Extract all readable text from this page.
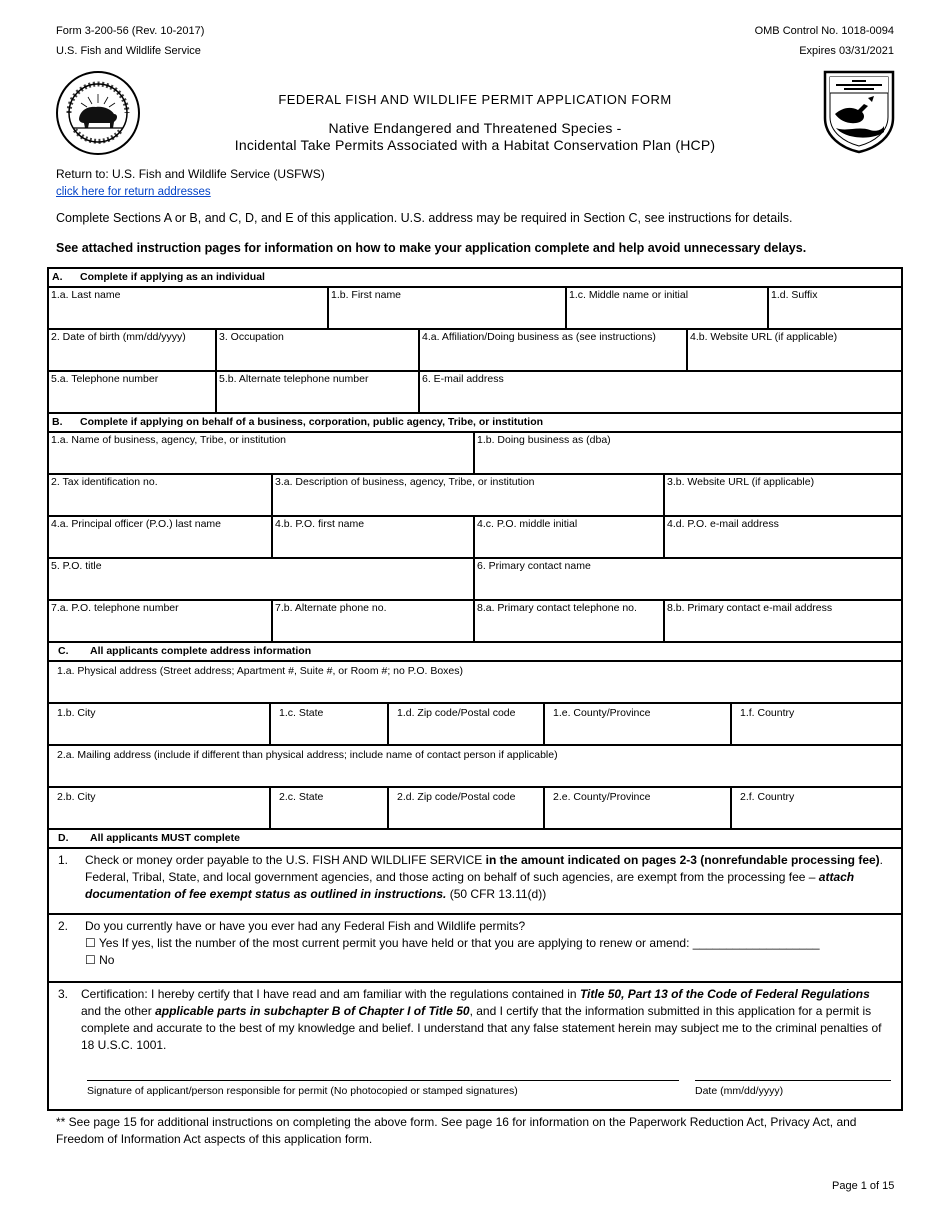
Form 3-200-56 (Rev. 10-2017)
U.S. Fish and Wildlife Service
OMB Control No. 1018-0094
Expires 03/31/2021
FEDERAL FISH AND WILDLIFE PERMIT APPLICATION FORM
Native Endangered and Threatened Species -
Incidental Take Permits Associated with a Habitat Conservation Plan (HCP)
Return to: U.S. Fish and Wildlife Service (USFWS)
click here for return addresses
Complete Sections A or B, and C, D, and E of this application. U.S. address may be required in Section C, see instructions for details.
See attached instruction pages for information on how to make your application complete and help avoid unnecessary delays.
A.	Complete if applying as an individual
1.a. Last name	1.b. First name	1.c. Middle name or initial	1.d. Suffix
2. Date of birth (mm/dd/yyyy)	3. Occupation	4.a. Affiliation/Doing business as (see instructions)	4.b. Website URL (if applicable)
5.a. Telephone number	5.b. Alternate telephone number	6. E-mail address
B.	Complete if applying on behalf of a business, corporation, public agency, Tribe, or institution
1.a. Name of business, agency, Tribe, or institution	1.b. Doing business as (dba)
2. Tax identification no.	3.a. Description of business, agency, Tribe, or institution	3.b. Website URL (if applicable)
4.a. Principal officer (P.O.) last name	4.b. P.O. first name	4.c. P.O. middle initial	4.d. P.O. e-mail address
5. P.O. title	6. Primary contact name
7.a. P.O. telephone number	7.b. Alternate phone no.	8.a. Primary contact telephone no.	8.b. Primary contact e-mail address
C.	All applicants complete address information
1.a. Physical address (Street address; Apartment #, Suite #, or Room #; no P.O. Boxes)
1.b. City	1.c. State	1.d. Zip code/Postal code	1.e. County/Province	1.f. Country
2.a. Mailing address (include if different than physical address; include name of contact person if applicable)
2.b. City	2.c. State	2.d. Zip code/Postal code	2.e. County/Province	2.f. Country
D.	All applicants MUST complete
1.	Check or money order payable to the U.S. FISH AND WILDLIFE SERVICE in the amount indicated on pages 2-3 (nonrefundable processing fee). Federal, Tribal, State, and local government agencies, and those acting on behalf of such agencies, are exempt from the processing fee – attach documentation of fee exempt status as outlined in instructions. (50 CFR 13.11(d))
2.	Do you currently have or have you ever had any Federal Fish and Wildlife permits?
☐ Yes If yes, list the number of the most current permit you have held or that you are applying to renew or amend: ___________________
☐ No
3.	Certification: I hereby certify that I have read and am familiar with the regulations contained in Title 50, Part 13 of the Code of Federal Regulations and the other applicable parts in subchapter B of Chapter I of Title 50, and I certify that the information submitted in this application for a permit is complete and accurate to the best of my knowledge and belief. I understand that any false statement herein may subject me to the criminal penalties of 18 U.S.C. 1001.
Signature of applicant/person responsible for permit (No photocopied or stamped signatures)	Date (mm/dd/yyyy)
** See page 15 for additional instructions on completing the above form. See page 16 for information on the Paperwork Reduction Act, Privacy Act, and Freedom of Information Act aspects of this application form.
Page 1 of 15
